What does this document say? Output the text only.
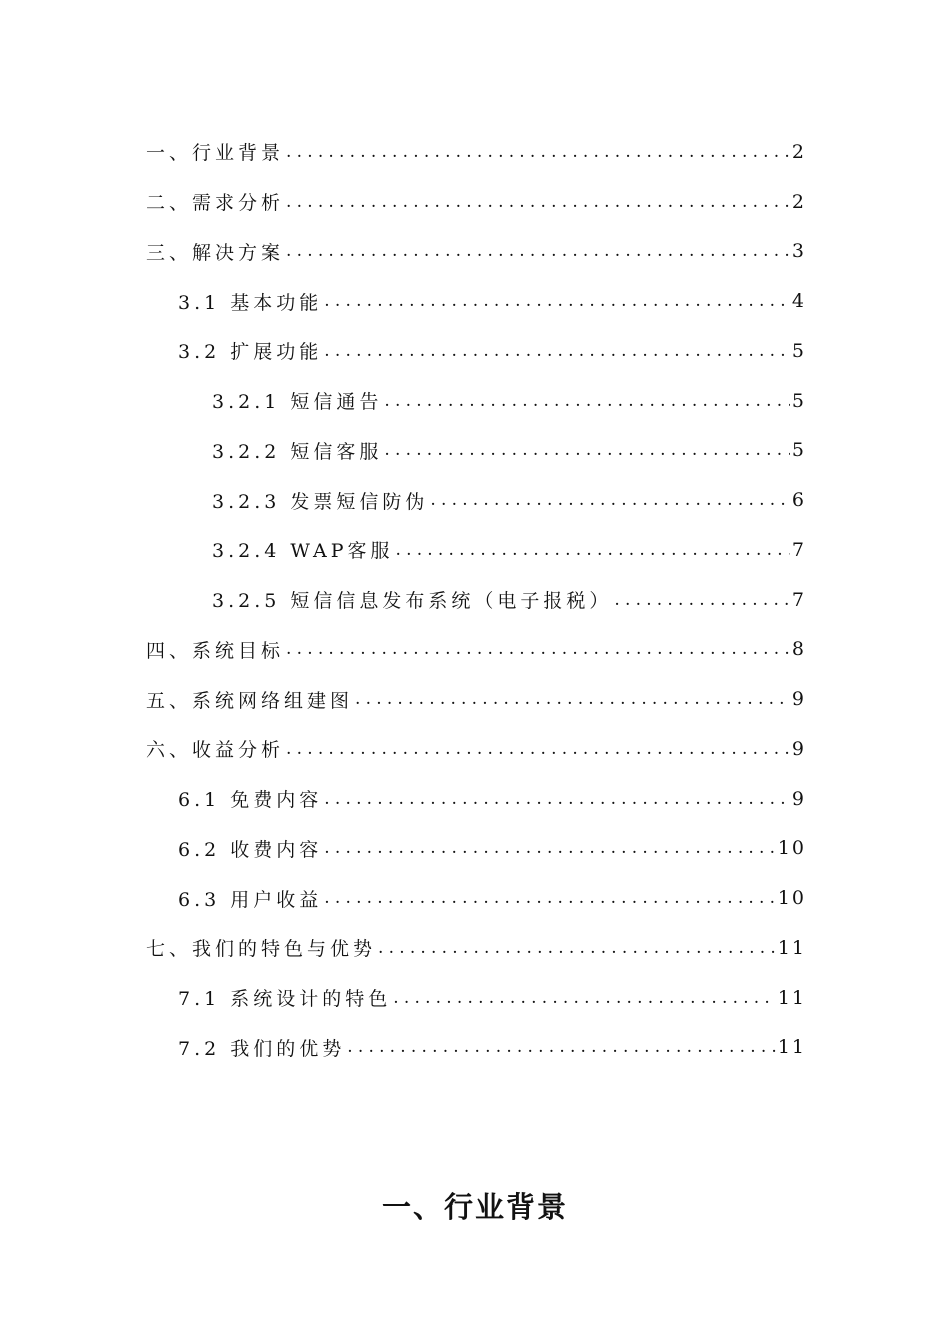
一、行业背景 .....	2
二、需求分析 .....	2
三、解决方案 .....	3
3.1 基本功能 .....	4
3.2 扩展功能 .....	5
3.2.1 短信通告 .....	5
3.2.2 短信客服 .....	5
3.2.3 发票短信防伪 .....	6
3.2.4 WAP客服 .....	7
3.2.5 短信信息发布系统（电子报税） .....	7
四、系统目标 .....	8
五、系统网络组建图 .....	9
六、收益分析 .....	9
6.1 免费内容 .....	9
6.2 收费内容 .....	10
6.3 用户收益 .....	10
七、我们的特色与优势 .....	11
7.1 系统设计的特色 .....	11
7.2 我们的优势 .....	11
一、行业背景
